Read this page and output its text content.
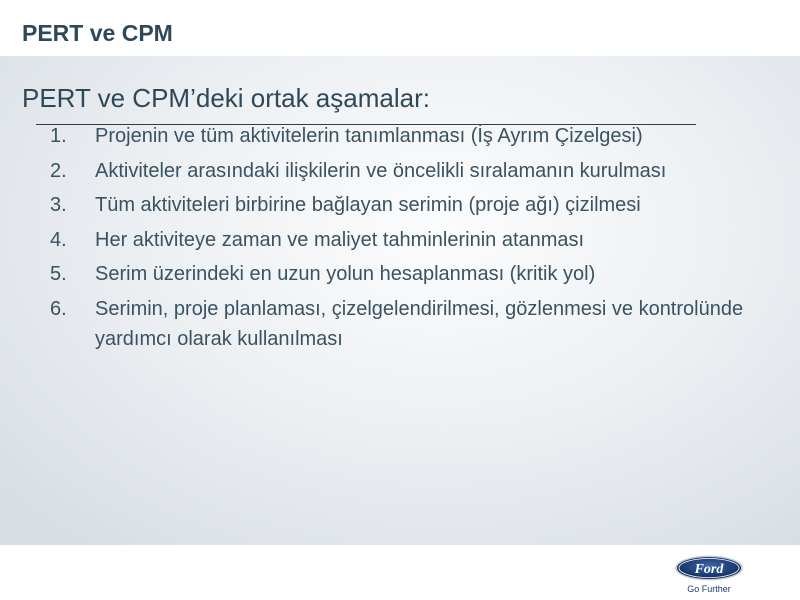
PERT ve CPM
PERT ve CPM’deki ortak aşamalar:
1.	Projenin ve tüm aktivitelerin tanımlanması (İş Ayrım Çizelgesi)
2.	Aktiviteler arasındaki ilişkilerin ve öncelikli sıralamanın kurulması
3.	Tüm aktiviteleri birbirine bağlayan serimin (proje ağı) çizilmesi
4.	Her aktiviteye zaman ve maliyet tahminlerinin atanması
5.	Serim üzerindeki en uzun yolun hesaplanması (kritik yol)
6.	Serimin, proje planlaması, çizelgelendirilmesi, gözlenmesi ve kontrolünde yardımcı olarak kullanılması
Ford
Go Further
